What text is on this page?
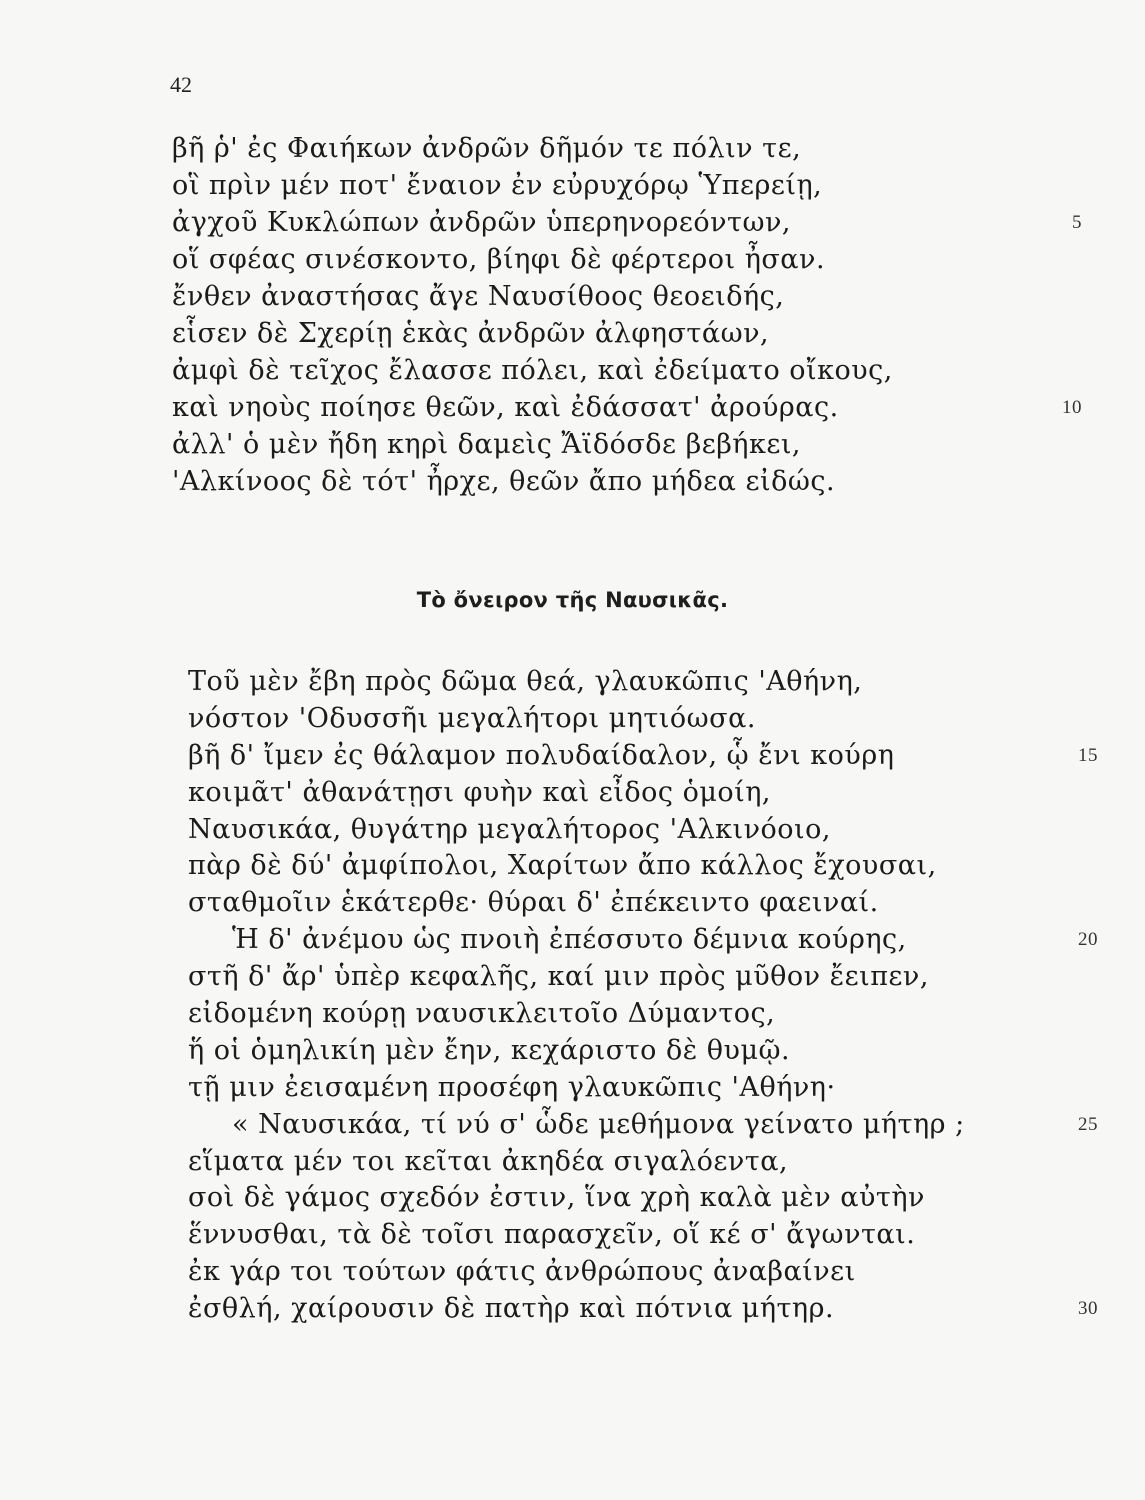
42
βῆ ῥ' ἐς Φαιήκων ἀνδρῶν δῆμόν τε πόλιν τε,
οἳ πρὶν μέν ποτ' ἔναιον ἐν εὐρυχόρῳ Ὑπερείῃ,
ἀγχοῦ Κυκλώπων ἀνδρῶν ὑπερηνορεόντων,	5
οἵ σφέας σινέσκοντο, βίηφι δὲ φέρτεροι ἦσαν.
ἔνθεν ἀναστήσας ἄγε Ναυσίθοος θεοειδής,
εἷσεν δὲ Σχερίῃ ἑκὰς ἀνδρῶν ἀλφηστάων,
ἀμφὶ δὲ τεῖχος ἔλασσε πόλει, καὶ ἐδείματο οἴκους,
καὶ νηοὺς ποίησε θεῶν, καὶ ἐδάσσατ' ἀρούρας.	10
ἀλλ' ὁ μὲν ἤδη κηρὶ δαμεὶς Ἄϊδόσδε βεβήκει,
'Αλκίνοος δὲ τότ' ἦρχε, θεῶν ἄπο μήδεα εἰδώς.
Τὸ ὄνειρον τῆς Ναυσικᾶς.
Τοῦ μὲν ἔβη πρὸς δῶμα θεά, γλαυκῶπις 'Αθήνη,
νόστον 'Οδυσσῆι μεγαλήτορι μητιόωσα.
βῆ δ' ἴμεν ἐς θάλαμον πολυδαίδαλον, ᾧ ἔνι κούρη	15
κοιμᾶτ' ἀθανάτῃσι φυὴν καὶ εἶδος ὁμοίη,
Ναυσικάα, θυγάτηρ μεγαλήτορος 'Αλκινόοιο,
πὰρ δὲ δύ' ἀμφίπολοι, Χαρίτων ἄπο κάλλος ἔχουσαι,
σταθμοῖιν ἑκάτερθε· θύραι δ' ἐπέκειντο φαειναί.
Ἡ δ' ἀνέμου ὡς πνοιὴ ἐπέσσυτο δέμνια κούρης,	20
στῆ δ' ἄρ' ὑπὲρ κεφαλῆς, καί μιν πρὸς μῦθον ἔειπεν,
εἰδομένη κούρῃ ναυσικλειτοῖο Δύμαντος,
ἥ οἱ ὁμηλικίη μὲν ἔην, κεχάριστο δὲ θυμῷ.
τῇ μιν ἐεισαμένη προσέφη γλαυκῶπις 'Αθήνη·
« Ναυσικάα, τί νύ σ' ὧδε μεθήμονα γείνατο μήτηρ ;	25
εἵματα μέν τοι κεῖται ἀκηδέα σιγαλόεντα,
σοὶ δὲ γάμος σχεδόν ἐστιν, ἵνα χρὴ καλὰ μὲν αὐτὴν
ἕννυσθαι, τὰ δὲ τοῖσι παρασχεῖν, οἵ κέ σ' ἄγωνται.
ἐκ γάρ τοι τούτων φάτις ἀνθρώπους ἀναβαίνει
ἐσθλή, χαίρουσιν δὲ πατὴρ καὶ πότνια μήτηρ.	30
